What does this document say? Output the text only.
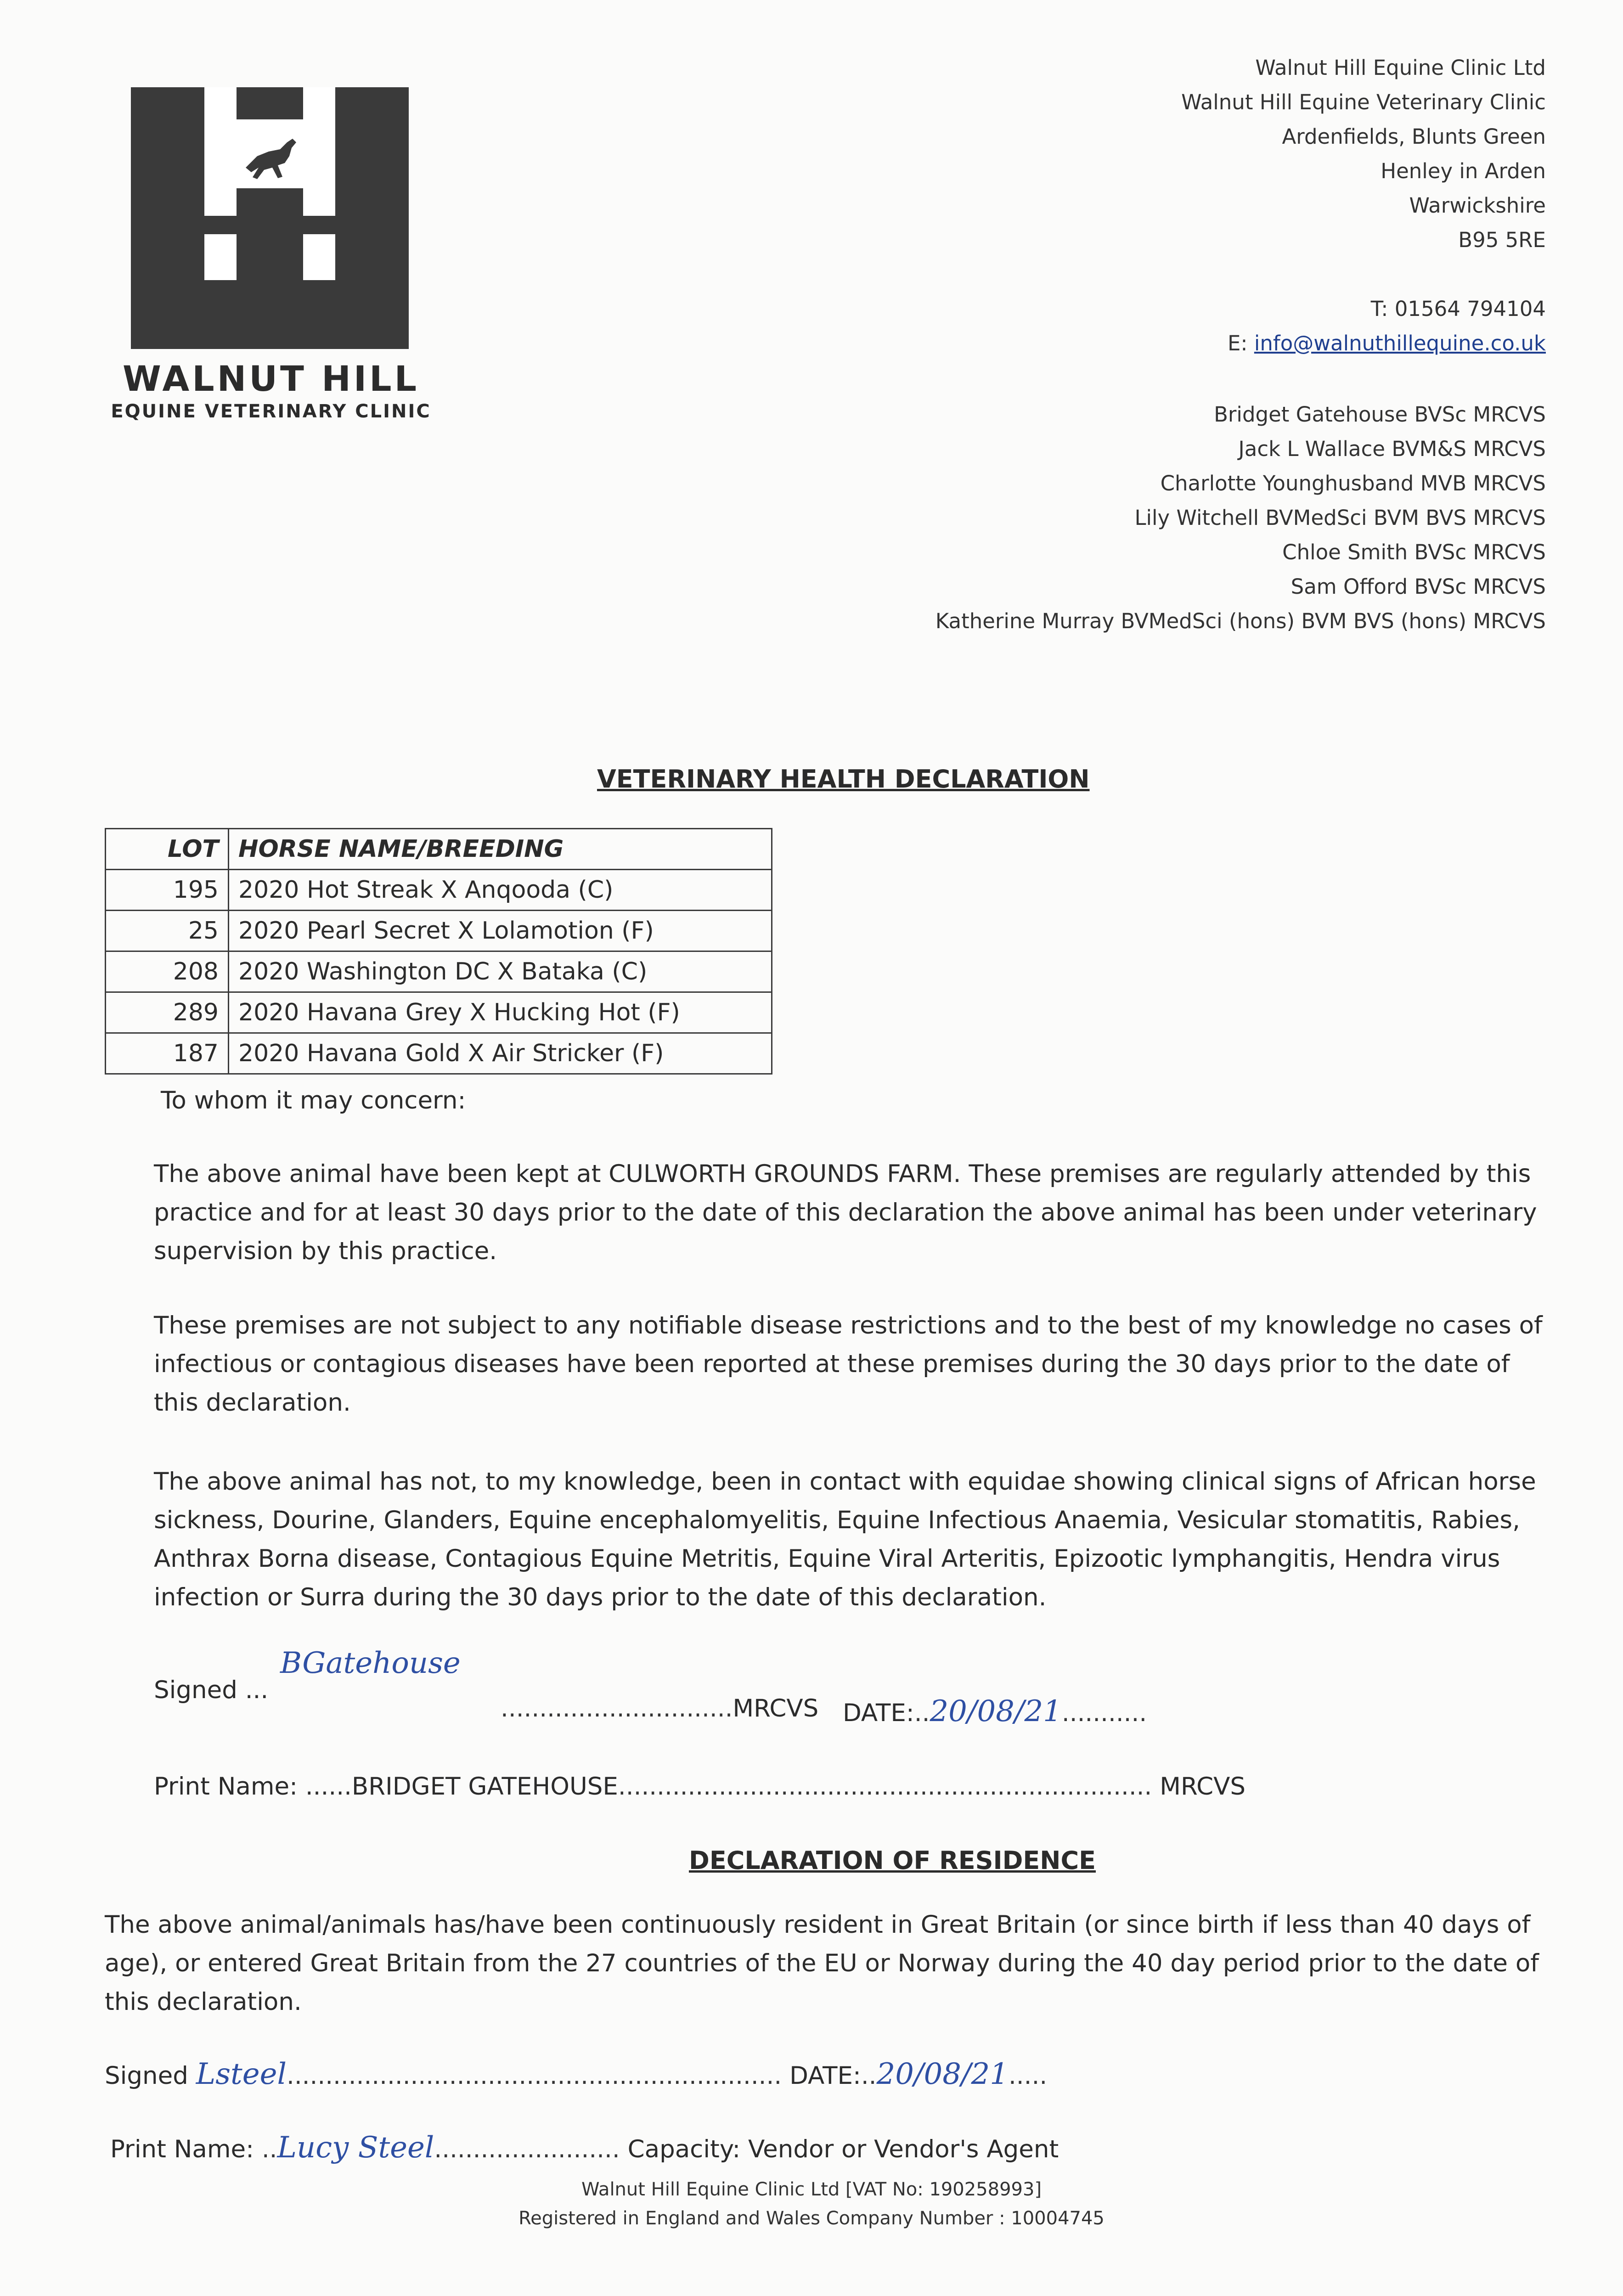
WALNUT HILL
EQUINE VETERINARY CLINIC
Walnut Hill Equine Clinic Ltd
Walnut Hill Equine Veterinary Clinic
Ardenfields, Blunts Green
Henley in Arden
Warwickshire
B95 5RE
T: 01564 794104
E: info@walnuthillequine.co.uk
Bridget Gatehouse BVSc MRCVS
Jack L Wallace BVM&S MRCVS
Charlotte Younghusband MVB MRCVS
Lily Witchell BVMedSci BVM BVS MRCVS
Chloe Smith BVSc MRCVS
Sam Offord BVSc MRCVS
Katherine Murray BVMedSci (hons) BVM BVS (hons) MRCVS
VETERINARY HEALTH DECLARATION
LOT	HORSE NAME/BREEDING
195	2020 Hot Streak X Anqooda (C)
25	2020 Pearl Secret X Lolamotion (F)
208	2020 Washington DC X Bataka (C)
289	2020 Havana Grey X Hucking Hot (F)
187	2020 Havana Gold X Air Stricker (F)
To whom it may concern:
The above animal have been kept at CULWORTH GROUNDS FARM. These premises are regularly attended by this practice and for at least 30 days prior to the date of this declaration the above animal has been under veterinary supervision by this practice.
These premises are not subject to any notifiable disease restrictions and to the best of my knowledge no cases of infectious or contagious diseases have been reported at these premises during the 30 days prior to the date of this declaration.
The above animal has not, to my knowledge, been in contact with equidae showing clinical signs of African horse sickness, Dourine, Glanders, Equine encephalomyelitis, Equine Infectious Anaemia, Vesicular stomatitis, Rabies, Anthrax Borna disease, Contagious Equine Metritis, Equine Viral Arteritis, Epizootic lymphangitis, Hendra virus infection or Surra during the 30 days prior to the date of this declaration.
Signed ...
BGatehouse
..............................MRCVS DATE:..20/08/21...........
Print Name: ......BRIDGET GATEHOUSE..................................................................... MRCVS
DECLARATION OF RESIDENCE
The above animal/animals has/have been continuously resident in Great Britain (or since birth if less than 40 days of age), or entered Great Britain from the 27 countries of the EU or Norway during the 40 day period prior to the date of this declaration.
Signed Lsteel................................................................ DATE:..20/08/21.....
Print Name: ..Lucy Steel........................ Capacity: Vendor or Vendor's Agent
Walnut Hill Equine Clinic Ltd [VAT No: 190258993]
Registered in England and Wales Company Number : 10004745
